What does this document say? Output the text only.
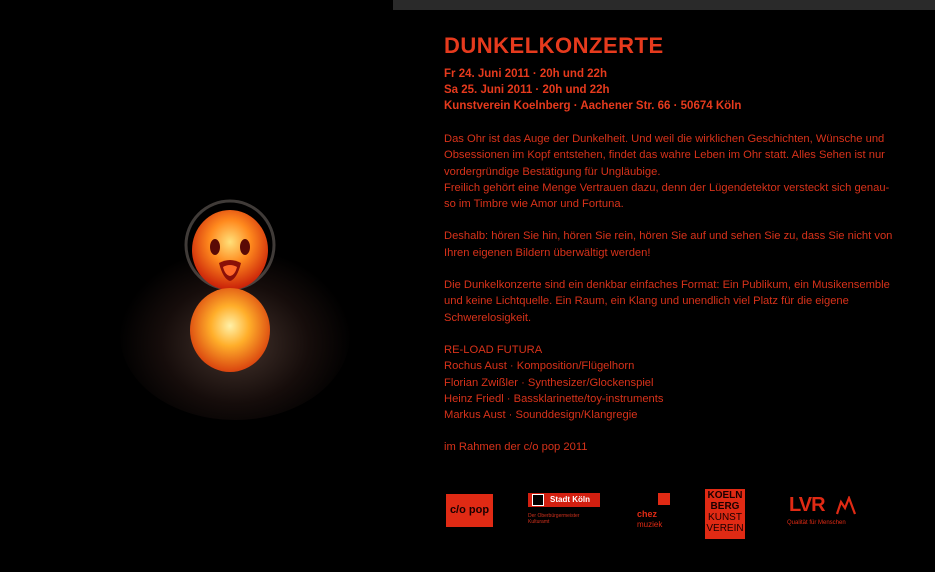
DUNKELKONZERTE
Fr 24. Juni 2011 · 20h und 22h
Sa 25. Juni 2011 · 20h und 22h
Kunstverein Koelnberg · Aachener Str. 66 · 50674 Köln

Das Ohr ist das Auge der Dunkelheit. Und weil die wirklichen Geschichten, Wünsche und

Obsessionen im Kopf entstehen, findet das wahre Leben im Ohr statt. Alles Sehen ist nur

vordergründige Bestätigung für Ungläubige.

Freilich gehört eine Menge Vertrauen dazu, denn der Lügendetektor versteckt sich genau-

so im Timbre wie Amor und Fortuna.

Deshalb: hören Sie hin, hören Sie rein, hören Sie auf und sehen Sie zu, dass Sie nicht von

Ihren eigenen Bildern überwältigt werden!

Die Dunkelkonzerte sind ein denkbar einfaches Format: Ein Publikum, ein Musikensemble

und keine Lichtquelle. Ein Raum, ein Klang und unendlich viel Platz für die eigene

Schwerelosigkeit.

RE-LOAD FUTURA

Rochus Aust · Komposition/Flügelhorn

Florian Zwißler · Synthesizer/Glockenspiel

Heinz Friedl · Bassklarinette/toy-instruments

Markus Aust · Sounddesign/Klangregie

im Rahmen der c/o pop 2011

c/o pop
Stadt Köln
Der Oberbürgermeister
Kulturamt
chez
muziek
KOELN
BERG
KUNST
VEREIN
LVR
Qualität für Menschen
